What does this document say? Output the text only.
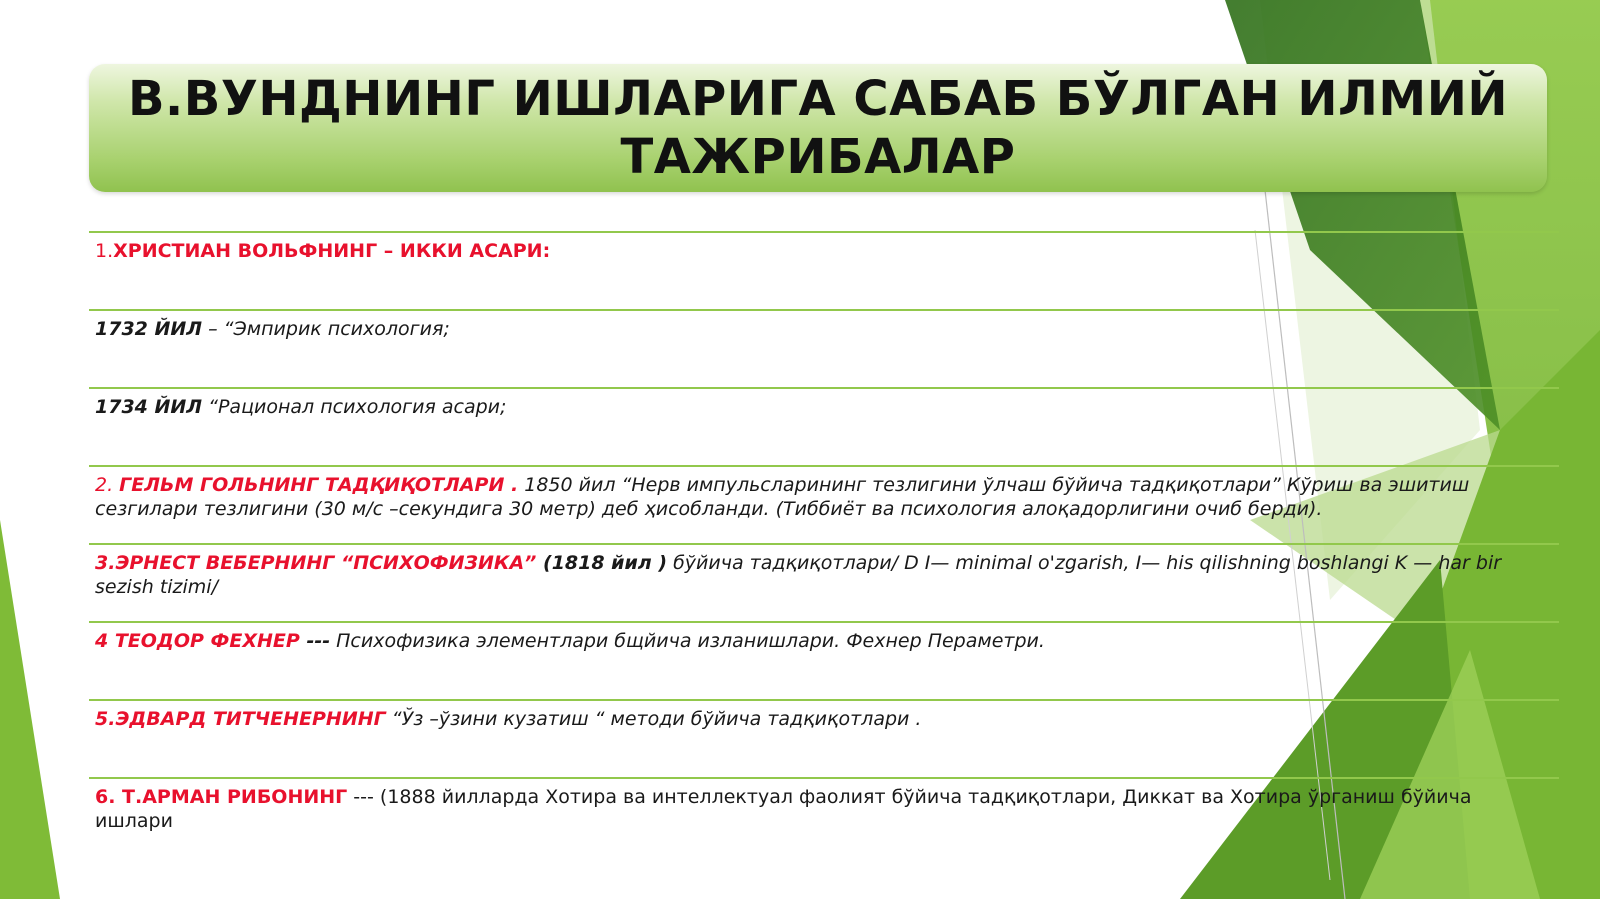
В.ВУНДНИНГ ИШЛАРИГА САБАБ БЎЛГАН ИЛМИЙ
ТАЖРИБАЛАР
1.ХРИСТИАН ВОЛЬФНИНГ – ИККИ АСАРИ:
1732 ЙИЛ – “Эмпирик психология;
1734 ЙИЛ “Рационал психология асари;
2. ГЕЛЬМ ГОЛЬНИНГ ТАДҚИҚОТЛАРИ . 1850 йил “Нерв импульсларининг тезлигини ўлчаш бўйича тадқиқотлари” Кўриш ва эшитиш сезгилари тезлигини (30 м/с –секундига 30 метр) деб ҳисобланди. (Тиббиёт ва психология алоқадорлигини очиб берди).
3.ЭРНЕСТ ВЕБЕРНИНГ “ПСИХОФИЗИКА” (1818 йил ) бўйича тадқиқотлари/ D I— minimal o'zgarish, I— his qilishning boshlangi K — har bir sezish tizimi/
4 ТЕОДОР ФЕХНЕР --- Психофизика элементлари бщйича изланишлари. Фехнер Пераметри.
5.ЭДВАРД ТИТЧЕНЕРНИНГ “Ўз –ўзини кузатиш “ методи бўйича тадқиқотлари .
6. Т.АРМАН РИБОНИНГ --- (1888 йилларда Хотира ва интеллектуал фаолият бўйича тадқиқотлари, Диккат ва Хотира ўрганиш бўйича ишлари
